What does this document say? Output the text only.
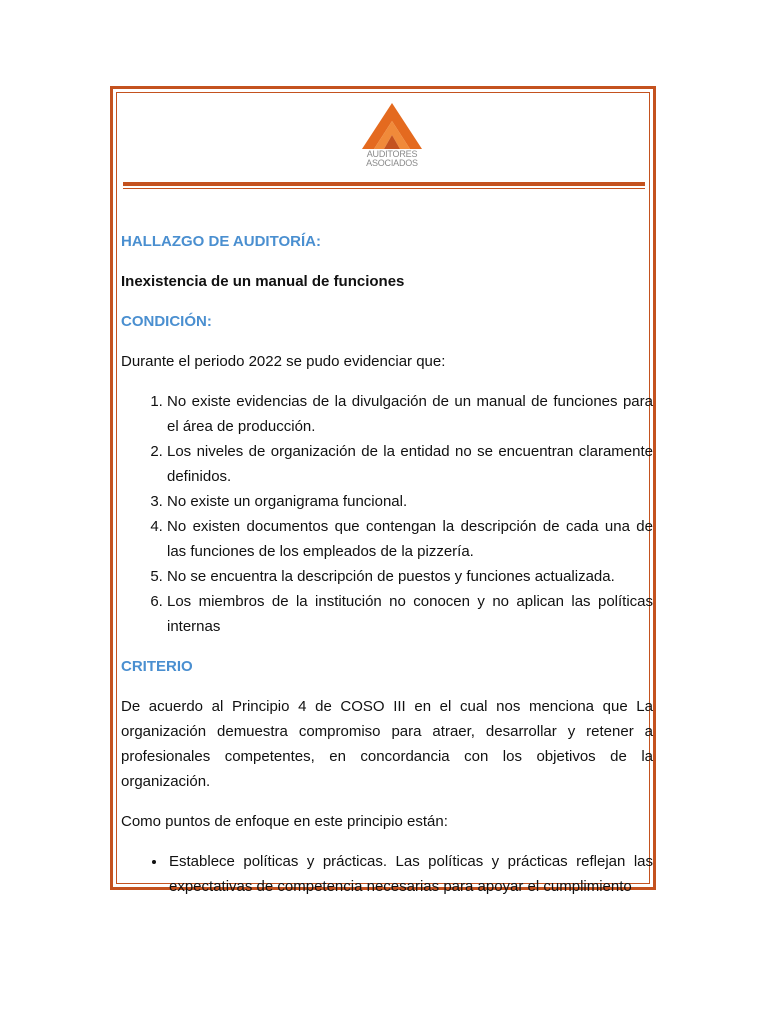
AUDITORES
ASOCIADOS
HALLAZGO DE AUDITORÍA:
Inexistencia de un manual de funciones
CONDICIÓN:

Durante el periodo 2022 se pudo evidenciar que:

1. No existe evidencias de la divulgación de un manual de funciones para el área de producción.
2. Los niveles de organización de la entidad no se encuentran claramente definidos.
3. No existe un organigrama funcional.
4. No existen documentos que contengan la descripción de cada una de las funciones de los empleados de la pizzería.
5. No se encuentra la descripción de puestos y funciones actualizada.
6. Los miembros de la institución no conocen y no aplican las políticas internas
CRITERIO

De acuerdo al Principio 4 de COSO III en el cual nos menciona que La organización demuestra compromiso para atraer, desarrollar y retener a profesionales competentes, en concordancia con los objetivos de la organización.

Como puntos de enfoque en este principio están:

• Establece políticas y prácticas. Las políticas y prácticas reflejan las expectativas de competencia necesarias para apoyar el cumplimiento
